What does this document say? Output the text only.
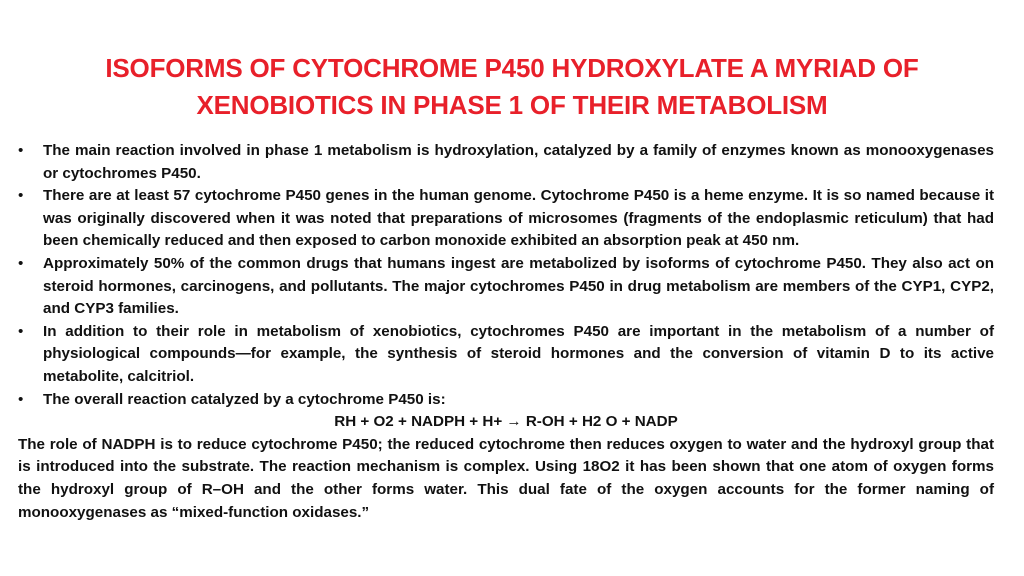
ISOFORMS OF CYTOCHROME P450 HYDROXYLATE A MYRIAD OF XENOBIOTICS IN PHASE 1 OF THEIR METABOLISM
•	The main reaction involved in phase 1 metabolism is hydroxylation, catalyzed by a family of enzymes known as monooxygenases or cytochromes P450.
•	There are at least 57 cytochrome P450 genes in the human genome. Cytochrome P450 is a heme enzyme. It is so named because it was originally discovered when it was noted that preparations of microsomes (fragments of the endoplasmic reticulum) that had been chemically reduced and then exposed to carbon monoxide exhibited an absorption peak at 450 nm.
•	Approximately 50% of the common drugs that humans ingest are metabolized by isoforms of cytochrome P450. They also act on steroid hormones, carcinogens, and pollutants. The major cytochromes P450 in drug metabolism are members of the CYP1, CYP2, and CYP3 families.
•	In addition to their role in metabolism of xenobiotics, cytochromes P450 are important in the metabolism of a number of physiological compounds—for example, the synthesis of steroid hormones and the conversion of vitamin D to its active metabolite, calcitriol.
•	The overall reaction catalyzed by a cytochrome P450 is:
RH + O2 + NADPH + H+ → R-OH + H2 O + NADP

The role of NADPH is to reduce cytochrome P450; the reduced cytochrome then reduces oxygen to water and the hydroxyl group that is introduced into the substrate. The reaction mechanism is complex. Using 18O2 it has been shown that one atom of oxygen forms the hydroxyl group of R–OH and the other forms water. This dual fate of the oxygen accounts for the former naming of monooxygenases as “mixed-function oxidases.”
